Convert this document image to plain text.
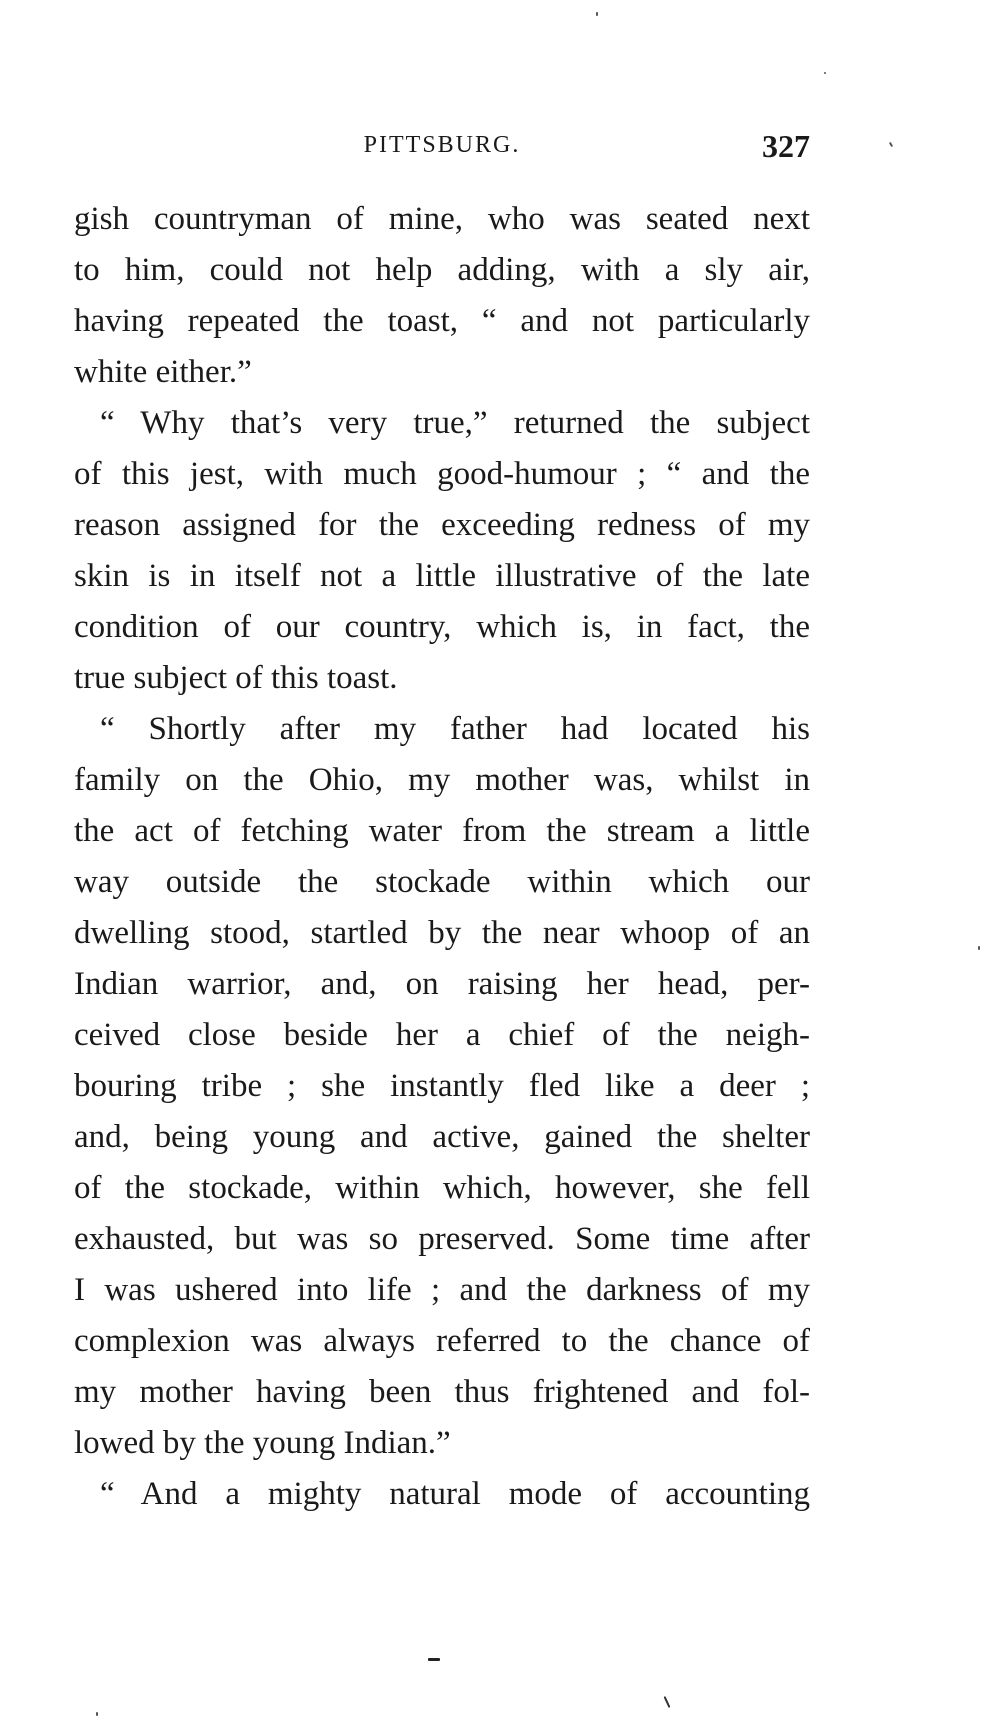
PITTSBURG.	327
gish countryman of mine, who was seated next
to him, could not help adding, with a sly air,
having repeated the toast, “ and not particularly
white either.”
“ Why that’s very true,” returned the subject
of this jest, with much good-humour ; “ and the
reason assigned for the exceeding redness of my
skin is in itself not a little illustrative of the late
condition of our country, which is, in fact, the
true subject of this toast.
“ Shortly after my father had located his
family on the Ohio, my mother was, whilst in
the act of fetching water from the stream a little
way outside the stockade within which our
dwelling stood, startled by the near whoop of an
Indian warrior, and, on raising her head, per-
ceived close beside her a chief of the neigh-
bouring tribe ; she instantly fled like a deer ;
and, being young and active, gained the shelter
of the stockade, within which, however, she fell
exhausted, but was so preserved. Some time after
I was ushered into life ; and the darkness of my
complexion was always referred to the chance of
my mother having been thus frightened and fol-
lowed by the young Indian.”
“ And a mighty natural mode of accounting
